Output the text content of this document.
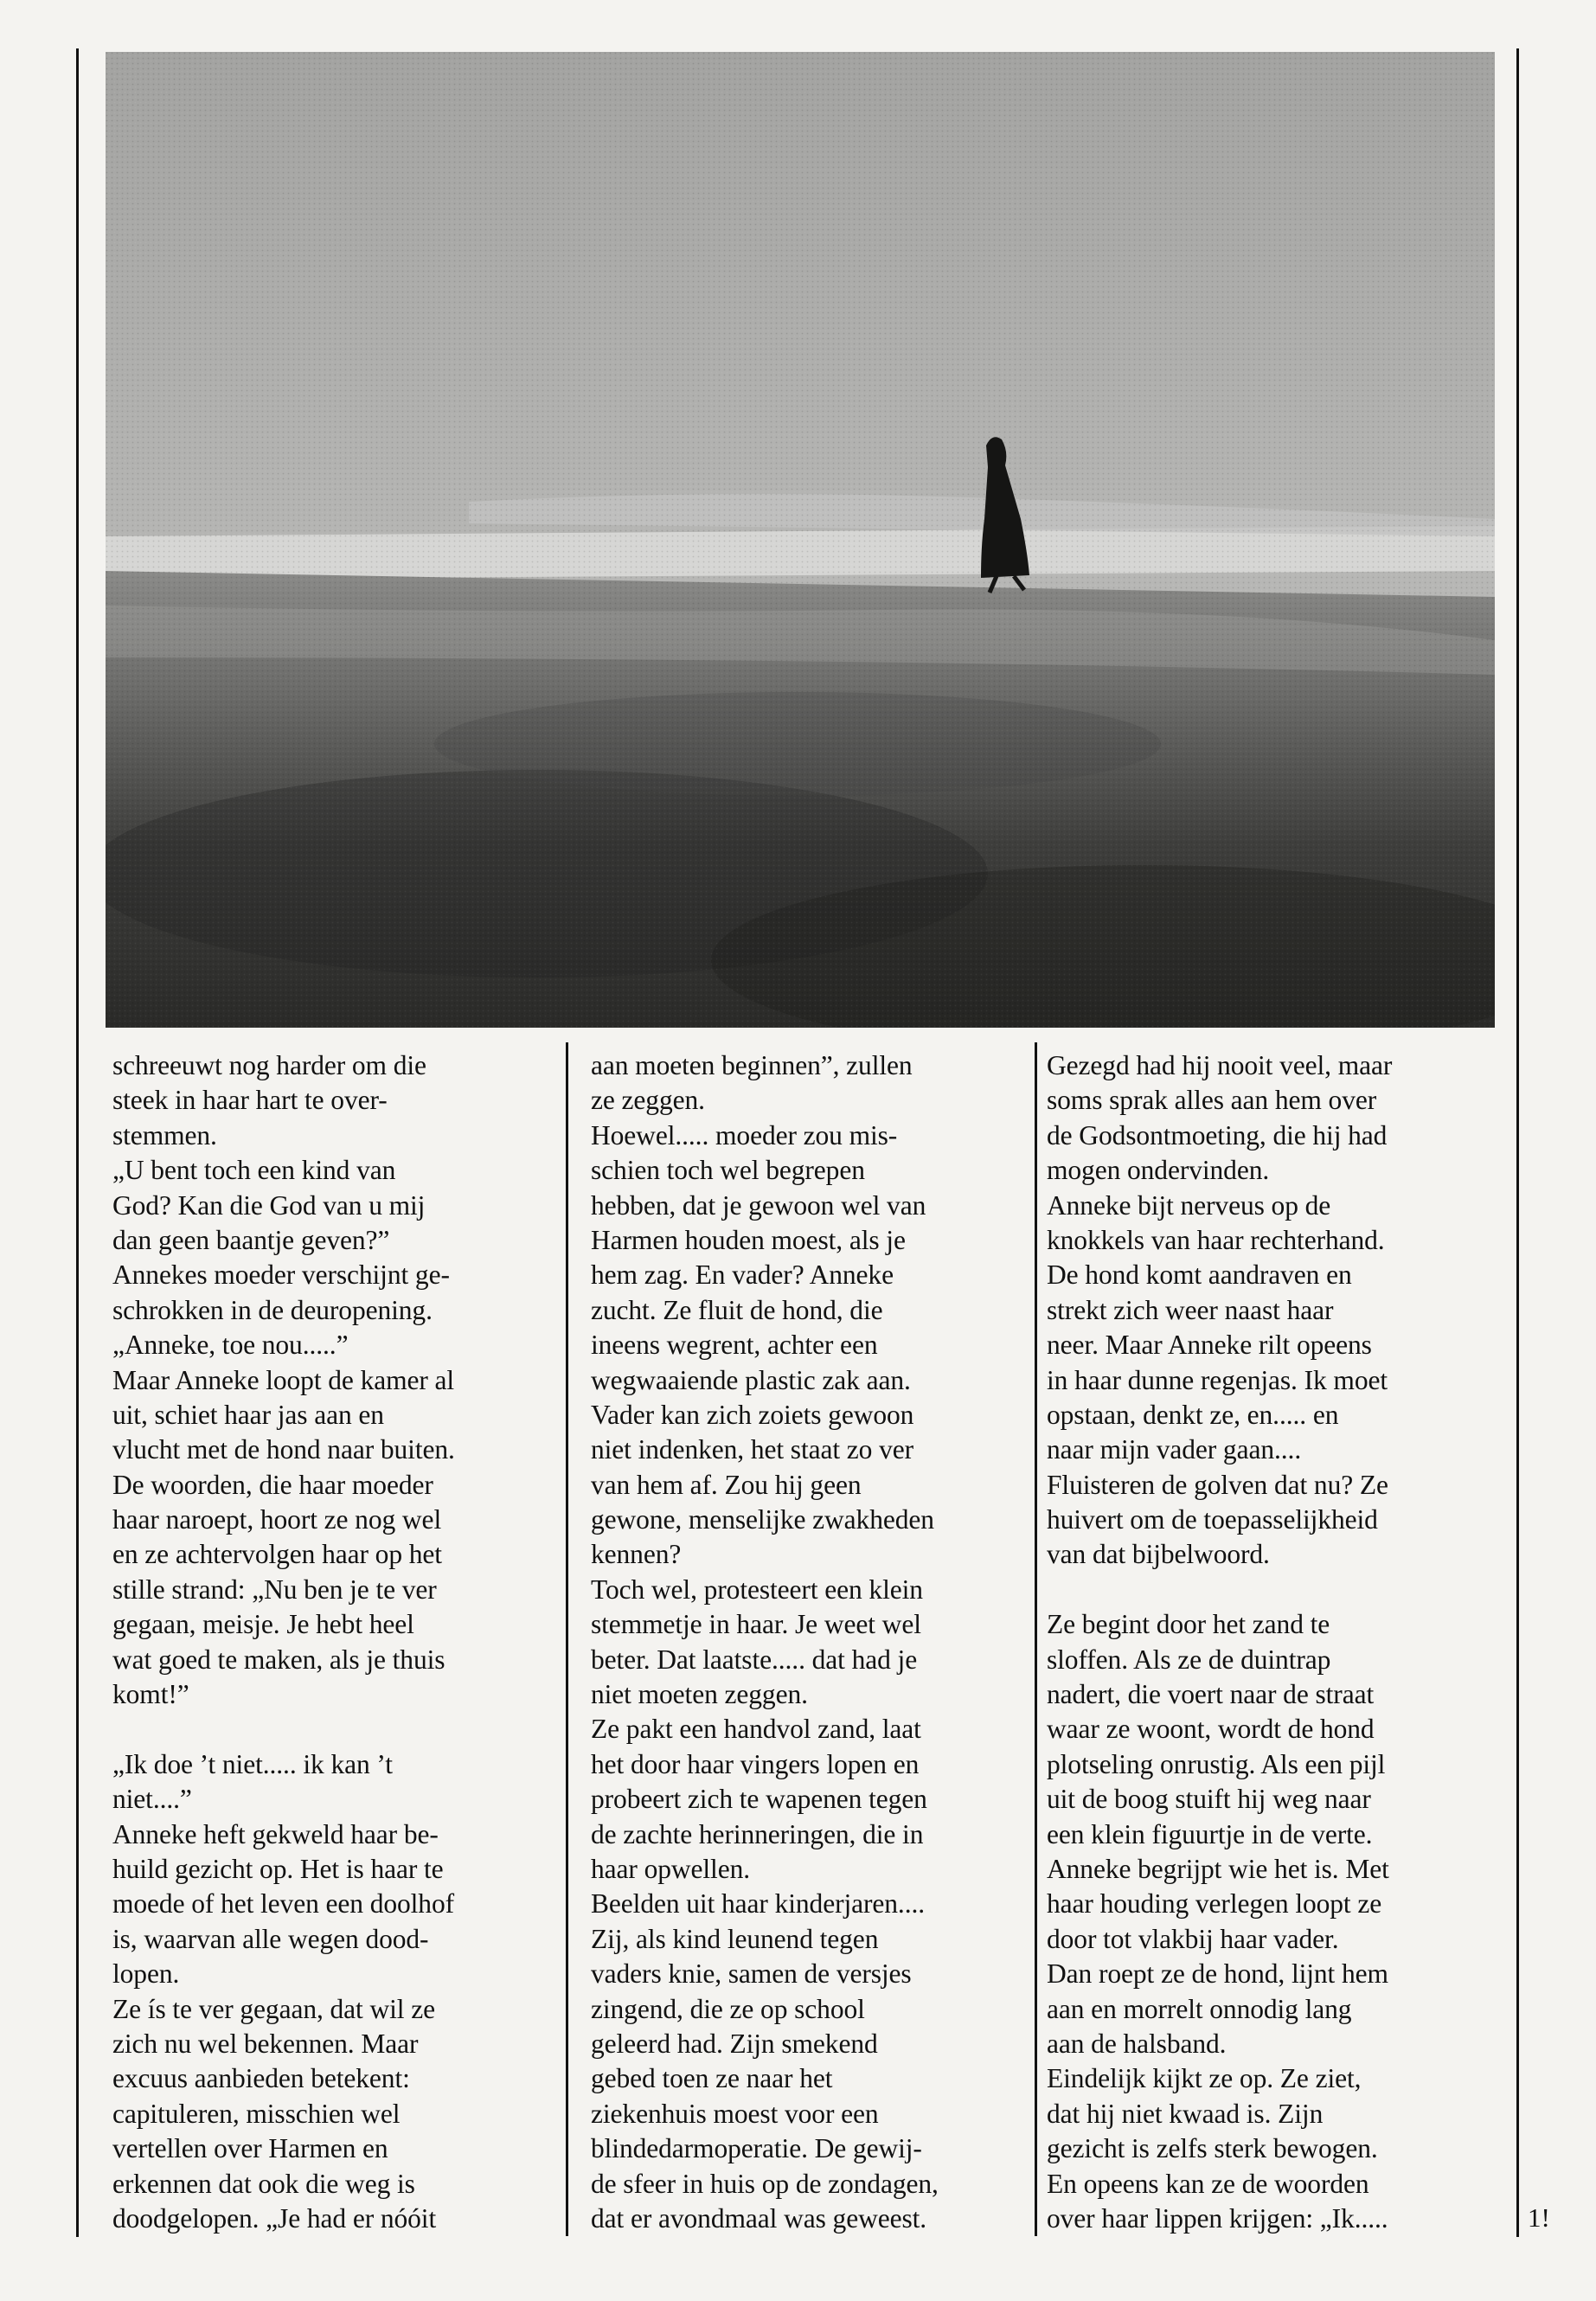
schreeuwt nog harder om die
steek in haar hart te over-
stemmen.
„U bent toch een kind van
God? Kan die God van u mij
dan geen baantje geven?”
Annekes moeder verschijnt ge-
schrokken in de deuropening.
„Anneke, toe nou.....”
Maar Anneke loopt de kamer al
uit, schiet haar jas aan en
vlucht met de hond naar buiten.
De woorden, die haar moeder
haar naroept, hoort ze nog wel
en ze achtervolgen haar op het
stille strand: „Nu ben je te ver
gegaan, meisje. Je hebt heel
wat goed te maken, als je thuis
komt!”
„Ik doe ’t niet..... ik kan ’t
niet....”
Anneke heft gekweld haar be-
huild gezicht op. Het is haar te
moede of het leven een doolhof
is, waarvan alle wegen dood-
lopen.
Ze ís te ver gegaan, dat wil ze
zich nu wel bekennen. Maar
excuus aanbieden betekent:
capituleren, misschien wel
vertellen over Harmen en
erkennen dat ook die weg is
doodgelopen. „Je had er nóóit
aan moeten beginnen”, zullen
ze zeggen.
Hoewel..... moeder zou mis-
schien toch wel begrepen
hebben, dat je gewoon wel van
Harmen houden moest, als je
hem zag. En vader? Anneke
zucht. Ze fluit de hond, die
ineens wegrent, achter een
wegwaaiende plastic zak aan.
Vader kan zich zoiets gewoon
niet indenken, het staat zo ver
van hem af. Zou hij geen
gewone, menselijke zwakheden
kennen?
Toch wel, protesteert een klein
stemmetje in haar. Je weet wel
beter. Dat laatste..... dat had je
niet moeten zeggen.
Ze pakt een handvol zand, laat
het door haar vingers lopen en
probeert zich te wapenen tegen
de zachte herinneringen, die in
haar opwellen.
Beelden uit haar kinderjaren....
Zij, als kind leunend tegen
vaders knie, samen de versjes
zingend, die ze op school
geleerd had. Zijn smekend
gebed toen ze naar het
ziekenhuis moest voor een
blindedarmoperatie. De gewij-
de sfeer in huis op de zondagen,
dat er avondmaal was geweest.
Gezegd had hij nooit veel, maar
soms sprak alles aan hem over
de Godsontmoeting, die hij had
mogen ondervinden.
Anneke bijt nerveus op de
knokkels van haar rechterhand.
De hond komt aandraven en
strekt zich weer naast haar
neer. Maar Anneke rilt opeens
in haar dunne regenjas. Ik moet
opstaan, denkt ze, en..... en
naar mijn vader gaan....
Fluisteren de golven dat nu? Ze
huivert om de toepasselijkheid
van dat bijbelwoord.
Ze begint door het zand te
sloffen. Als ze de duintrap
nadert, die voert naar de straat
waar ze woont, wordt de hond
plotseling onrustig. Als een pijl
uit de boog stuift hij weg naar
een klein figuurtje in de verte.
Anneke begrijpt wie het is. Met
haar houding verlegen loopt ze
door tot vlakbij haar vader.
Dan roept ze de hond, lijnt hem
aan en morrelt onnodig lang
aan de halsband.
Eindelijk kijkt ze op. Ze ziet,
dat hij niet kwaad is. Zijn
gezicht is zelfs sterk bewogen.
En opeens kan ze de woorden
over haar lippen krijgen: „Ik.....	1!
